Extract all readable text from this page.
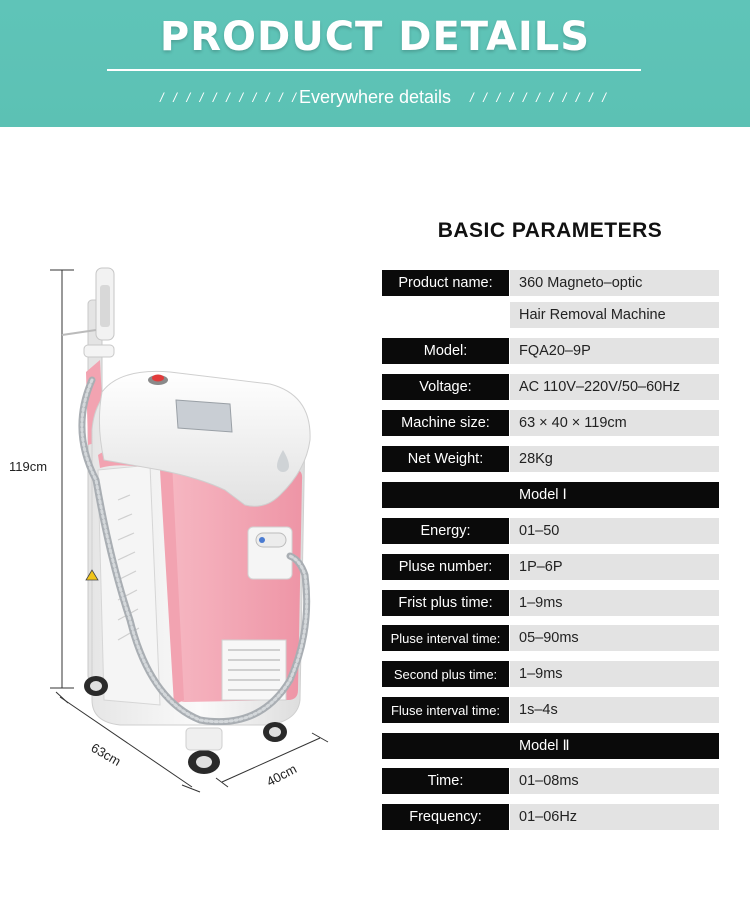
PRODUCT DETAILS
/ / / / / / / / / / / Everywhere details	/ / / / / / / / / / /
119cm
63cm
40cm
BASIC PARAMETERS
Product name:	360 Magneto–optic
Hair Removal Machine
Model:	FQA20–9P
Voltage:	AC 110V–220V/50–60Hz
Machine size:	63 × 40 × 119cm
Net Weight:	28Kg
Model Ⅰ
Energy:	01–50
Pluse number:	1P–6P
Frist plus time:	1–9ms
Pluse interval time:	05–90ms
Second plus time:	1–9ms
Fluse interval time:	1s–4s
Model Ⅱ
Time:	01–08ms
Frequency:	01–06Hz
